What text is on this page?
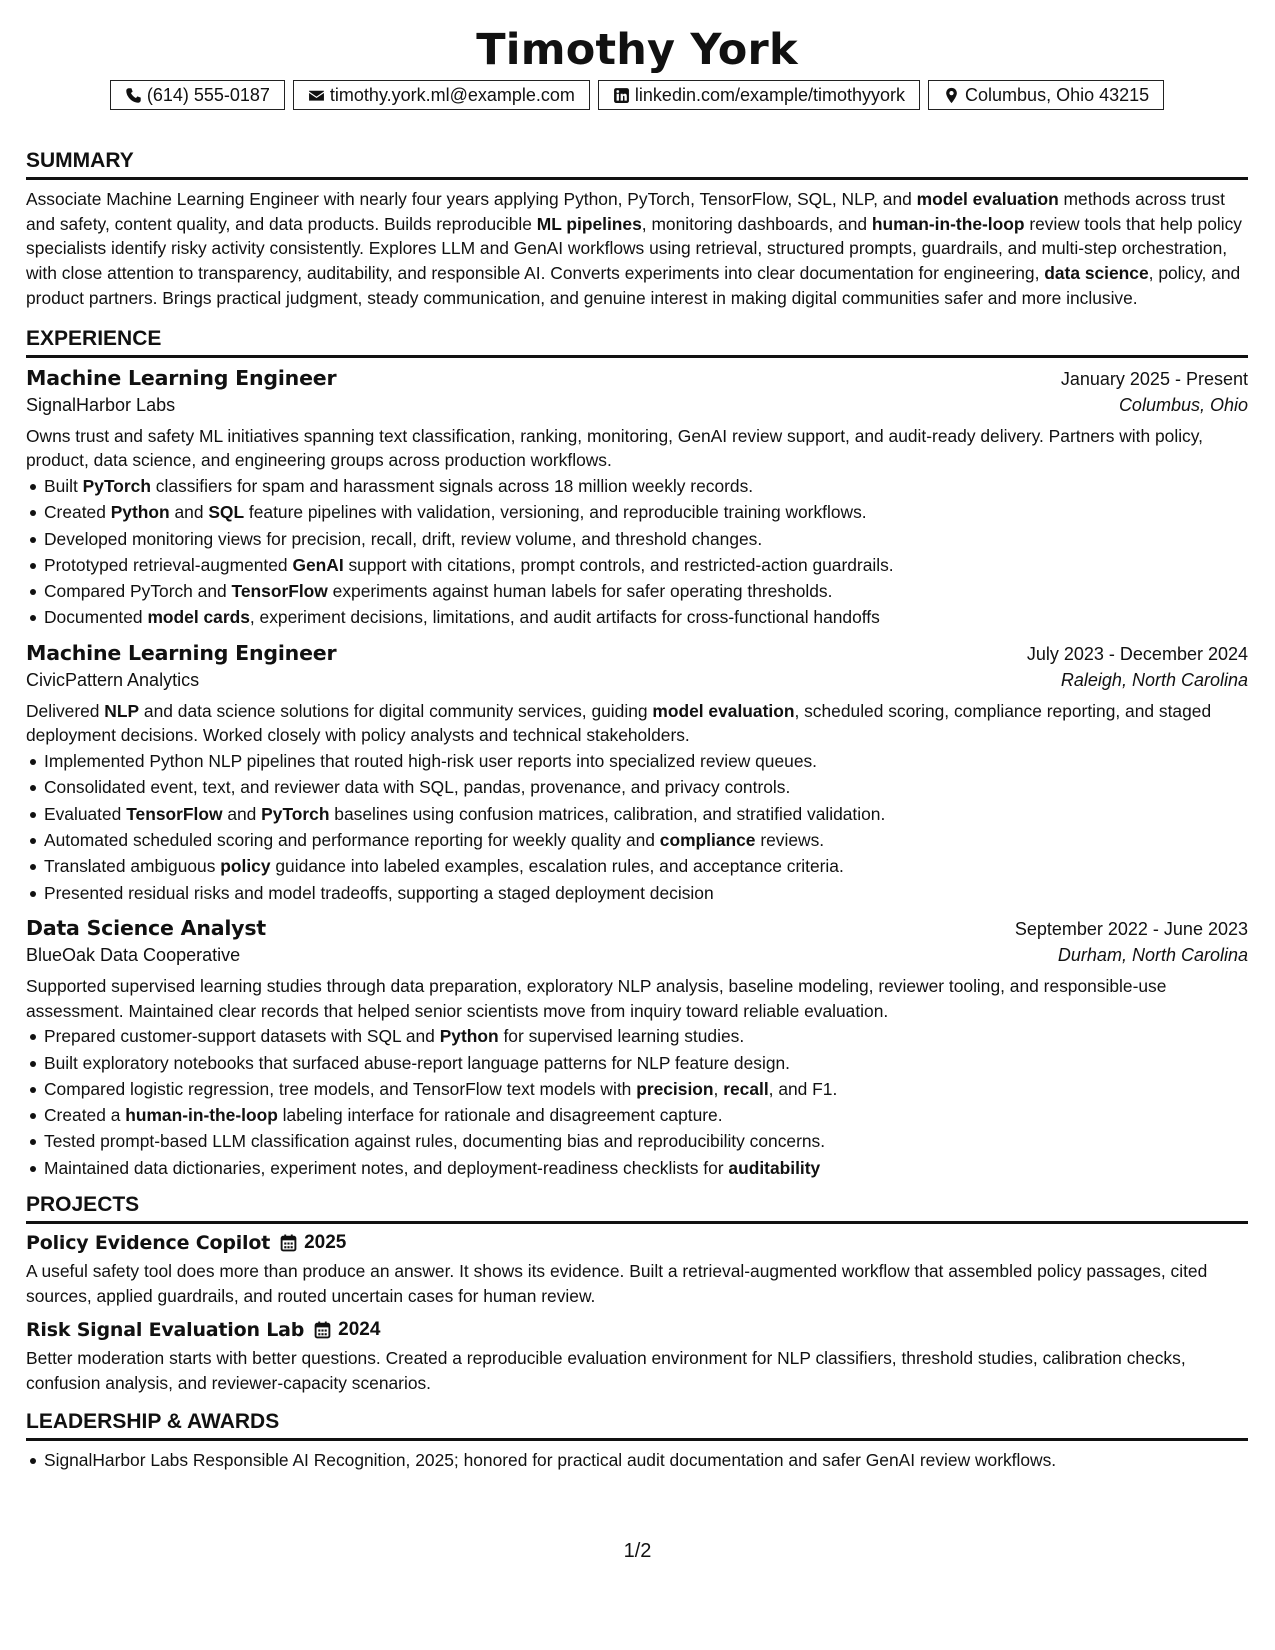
Timothy York
(614) 555-0187	timothy.york.ml@example.com	linkedin.com/example/timothyyork	Columbus, Ohio 43215
SUMMARY

Associate Machine Learning Engineer with nearly four years applying Python, PyTorch, TensorFlow, SQL, NLP, and model evaluation methods across trust and safety, content quality, and data products. Builds reproducible ML pipelines, monitoring dashboards, and human-in-the-loop review tools that help policy specialists identify risky activity consistently. Explores LLM and GenAI workflows using retrieval, structured prompts, guardrails, and multi-step orchestration, with close attention to transparency, auditability, and responsible AI. Converts experiments into clear documentation for engineering, data science, policy, and product partners. Brings practical judgment, steady communication, and genuine interest in making digital communities safer and more inclusive.

EXPERIENCE
Machine Learning Engineer	January 2025 - Present
SignalHarbor Labs	Columbus, Ohio

Owns trust and safety ML initiatives spanning text classification, ranking, monitoring, GenAI review support, and audit-ready delivery. Partners with policy, product, data science, and engineering groups across production workflows.

Built PyTorch classifiers for spam and harassment signals across 18 million weekly records.
Created Python and SQL feature pipelines with validation, versioning, and reproducible training workflows.
Developed monitoring views for precision, recall, drift, review volume, and threshold changes.
Prototyped retrieval-augmented GenAI support with citations, prompt controls, and restricted-action guardrails.
Compared PyTorch and TensorFlow experiments against human labels for safer operating thresholds.
Documented model cards, experiment decisions, limitations, and audit artifacts for cross-functional handoffs
Machine Learning Engineer	July 2023 - December 2024
CivicPattern Analytics	Raleigh, North Carolina

Delivered NLP and data science solutions for digital community services, guiding model evaluation, scheduled scoring, compliance reporting, and staged deployment decisions. Worked closely with policy analysts and technical stakeholders.

Implemented Python NLP pipelines that routed high-risk user reports into specialized review queues.
Consolidated event, text, and reviewer data with SQL, pandas, provenance, and privacy controls.
Evaluated TensorFlow and PyTorch baselines using confusion matrices, calibration, and stratified validation.
Automated scheduled scoring and performance reporting for weekly quality and compliance reviews.
Translated ambiguous policy guidance into labeled examples, escalation rules, and acceptance criteria.
Presented residual risks and model tradeoffs, supporting a staged deployment decision
Data Science Analyst	September 2022 - June 2023
BlueOak Data Cooperative	Durham, North Carolina

Supported supervised learning studies through data preparation, exploratory NLP analysis, baseline modeling, reviewer tooling, and responsible-use assessment. Maintained clear records that helped senior scientists move from inquiry toward reliable evaluation.

Prepared customer-support datasets with SQL and Python for supervised learning studies.
Built exploratory notebooks that surfaced abuse-report language patterns for NLP feature design.
Compared logistic regression, tree models, and TensorFlow text models with precision, recall, and F1.
Created a human-in-the-loop labeling interface for rationale and disagreement capture.
Tested prompt-based LLM classification against rules, documenting bias and reproducibility concerns.
Maintained data dictionaries, experiment notes, and deployment-readiness checklists for auditability
PROJECTS
Policy Evidence Copilot 2025

A useful safety tool does more than produce an answer. It shows its evidence. Built a retrieval-augmented workflow that assembled policy passages, cited sources, applied guardrails, and routed uncertain cases for human review.

Risk Signal Evaluation Lab 2024

Better moderation starts with better questions. Created a reproducible evaluation environment for NLP classifiers, threshold studies, calibration checks, confusion analysis, and reviewer-capacity scenarios.

LEADERSHIP & AWARDS
SignalHarbor Labs Responsible AI Recognition, 2025; honored for practical audit documentation and safer GenAI review workflows.
1/2
